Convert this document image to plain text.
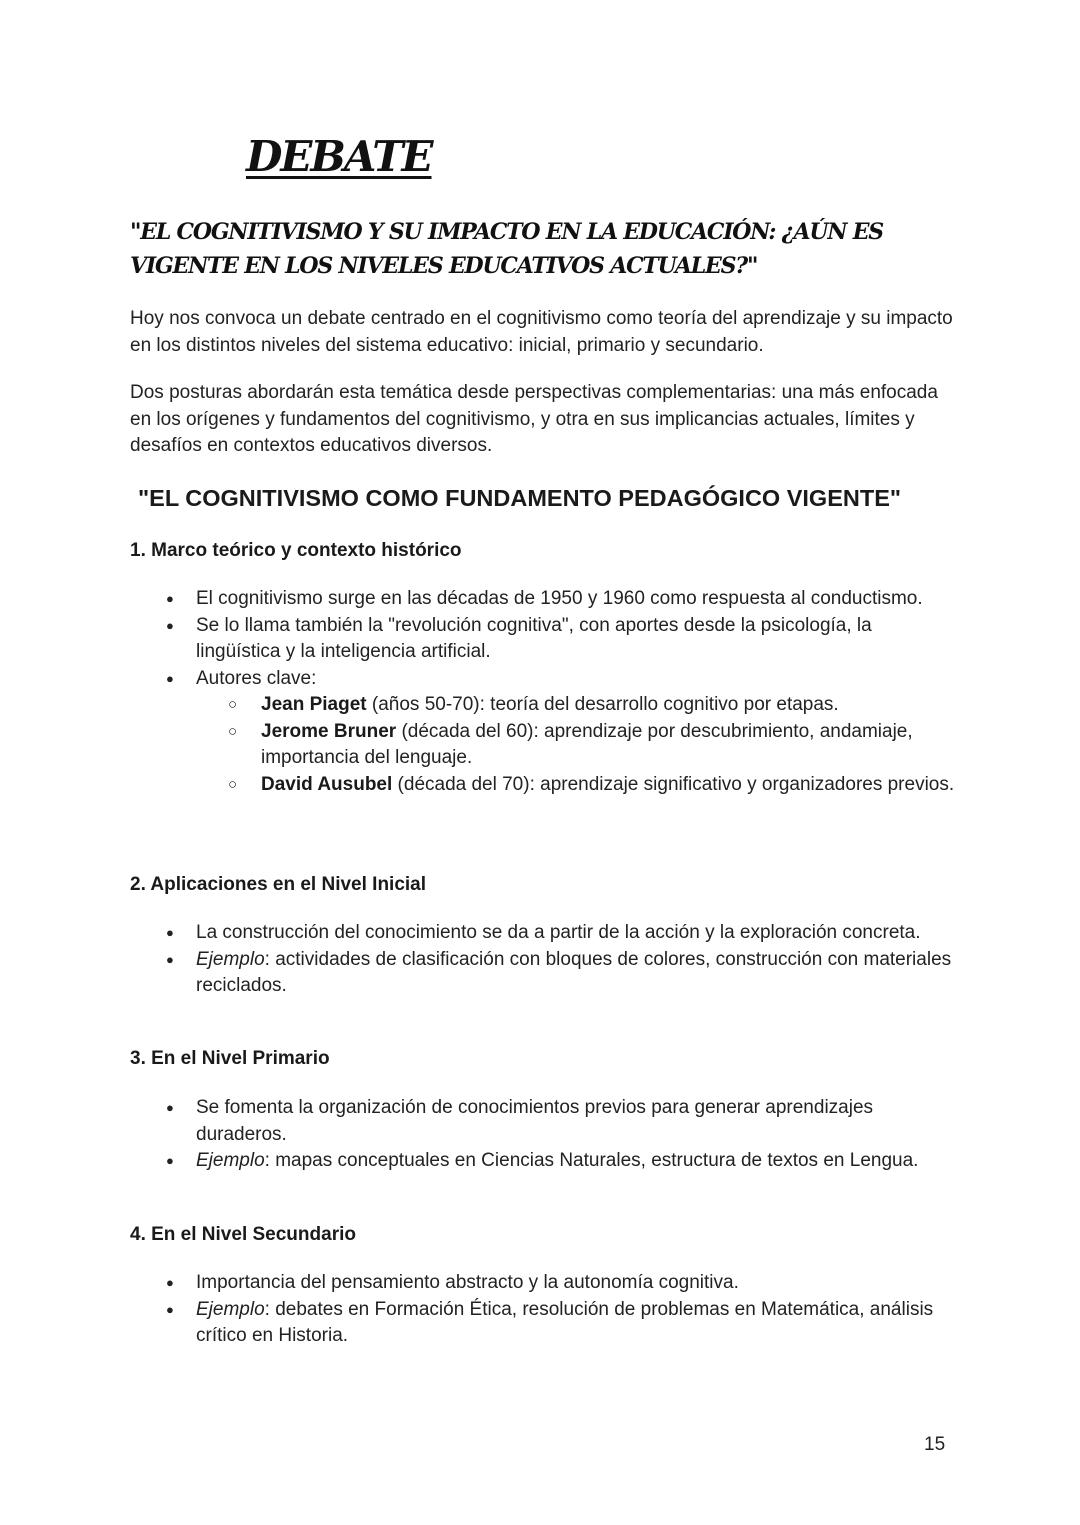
DEBATE
"EL COGNITIVISMO Y SU IMPACTO EN LA EDUCACIÓN: ¿AÚN ES VIGENTE EN LOS NIVELES EDUCATIVOS ACTUALES?"

Hoy nos convoca un debate centrado en el cognitivismo como teoría del aprendizaje y su impacto en los distintos niveles del sistema educativo: inicial, primario y secundario.

Dos posturas abordarán esta temática desde perspectivas complementarias: una más enfocada en los orígenes y fundamentos del cognitivismo, y otra en sus implicancias actuales, límites y desafíos en contextos educativos diversos.

"EL COGNITIVISMO COMO FUNDAMENTO PEDAGÓGICO VIGENTE"
1. Marco teórico y contexto histórico
● El cognitivismo surge en las décadas de 1950 y 1960 como respuesta al conductismo.
● Se lo llama también la "revolución cognitiva", con aportes desde la psicología, la lingüística y la inteligencia artificial.
● Autores clave:
○ Jean Piaget (años 50-70): teoría del desarrollo cognitivo por etapas.
○ Jerome Bruner (década del 60): aprendizaje por descubrimiento, andamiaje, importancia del lenguaje.
○ David Ausubel (década del 70): aprendizaje significativo y organizadores previos.
2. Aplicaciones en el Nivel Inicial
● La construcción del conocimiento se da a partir de la acción y la exploración concreta.
● Ejemplo: actividades de clasificación con bloques de colores, construcción con materiales reciclados.
3. En el Nivel Primario
● Se fomenta la organización de conocimientos previos para generar aprendizajes duraderos.
● Ejemplo: mapas conceptuales en Ciencias Naturales, estructura de textos en Lengua.
4. En el Nivel Secundario
● Importancia del pensamiento abstracto y la autonomía cognitiva.
● Ejemplo: debates en Formación Ética, resolución de problemas en Matemática, análisis crítico en Historia.
15
